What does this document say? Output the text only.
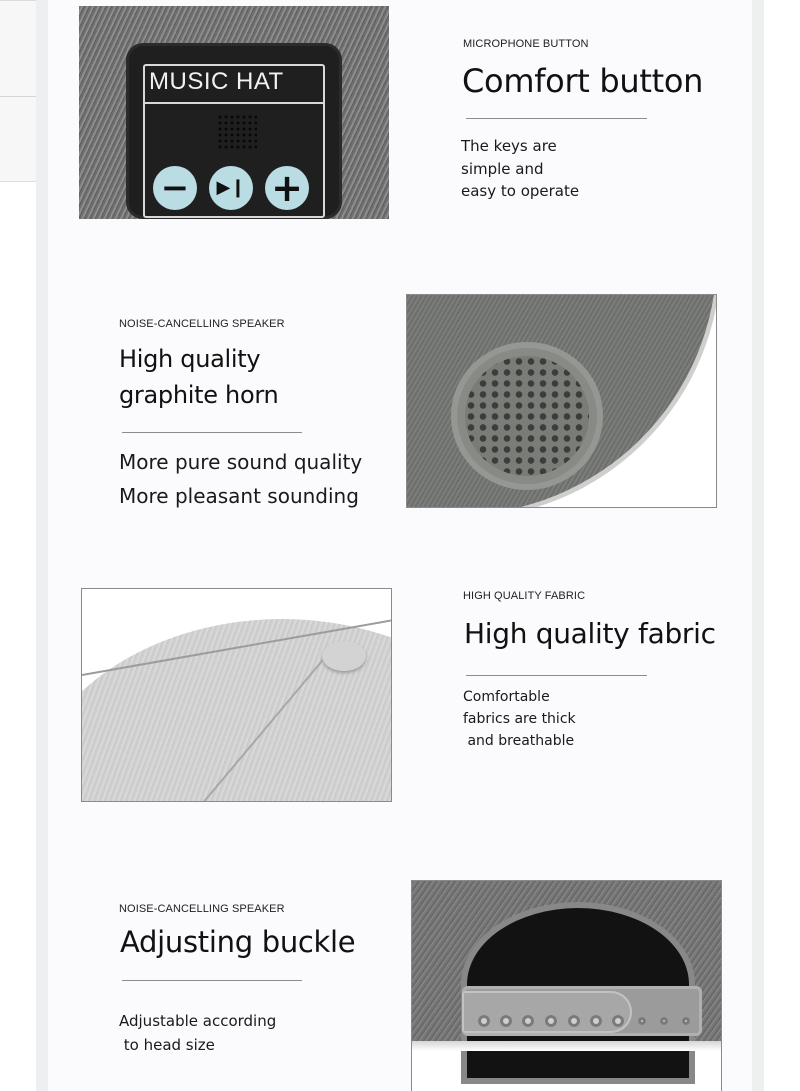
MUSIC HAT
−	▶❙ +
MICROPHONE BUTTON
Comfort button
The keys are
simple and
easy to operate
NOISE-CANCELLING SPEAKER
High quality
graphite horn
More pure sound quality
More pleasant sounding
HIGH QUALITY FABRIC
High quality fabric
Comfortable
fabrics are thick
and breathable
NOISE-CANCELLING SPEAKER
Adjusting buckle
Adjustable according
to head size
